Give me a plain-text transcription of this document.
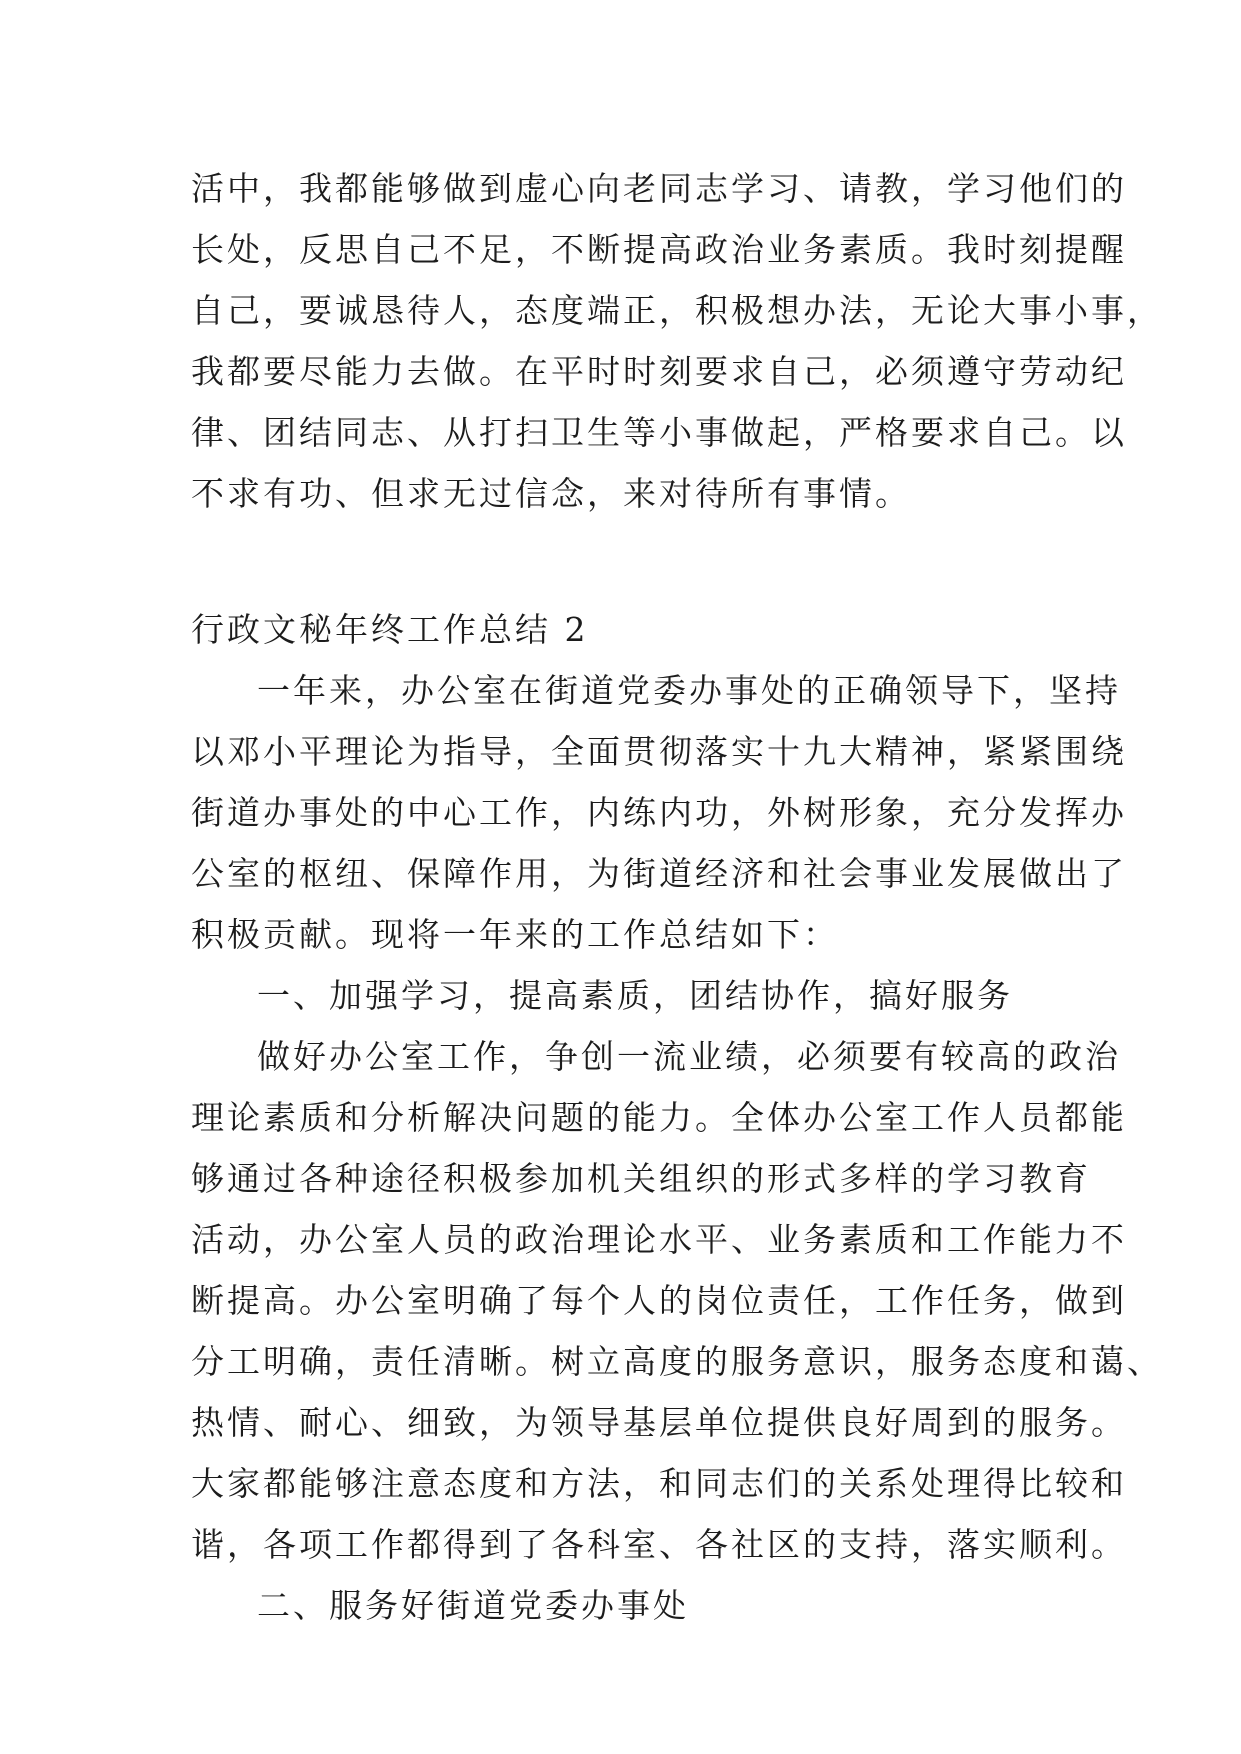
活中，我都能够做到虚心向老同志学习、请教，学习他们的
长处，反思自己不足，不断提高政治业务素质。我时刻提醒
自己，要诚恳待人，态度端正，积极想办法，无论大事小事，
我都要尽能力去做。在平时时刻要求自己，必须遵守劳动纪
律、团结同志、从打扫卫生等小事做起，严格要求自己。以
不求有功、但求无过信念，来对待所有事情。
行政文秘年终工作总结 2
一年来，办公室在街道党委办事处的正确领导下，坚持
以邓小平理论为指导，全面贯彻落实十九大精神，紧紧围绕
街道办事处的中心工作，内练内功，外树形象，充分发挥办
公室的枢纽、保障作用，为街道经济和社会事业发展做出了
积极贡献。现将一年来的工作总结如下：
一、加强学习，提高素质，团结协作，搞好服务
做好办公室工作，争创一流业绩，必须要有较高的政治
理论素质和分析解决问题的能力。全体办公室工作人员都能
够通过各种途径积极参加机关组织的形式多样的学习教育
活动，办公室人员的政治理论水平、业务素质和工作能力不
断提高。办公室明确了每个人的岗位责任，工作任务，做到
分工明确，责任清晰。树立高度的服务意识，服务态度和蔼、
热情、耐心、细致，为领导基层单位提供良好周到的服务。
大家都能够注意态度和方法，和同志们的关系处理得比较和
谐，各项工作都得到了各科室、各社区的支持，落实顺利。
二、服务好街道党委办事处
